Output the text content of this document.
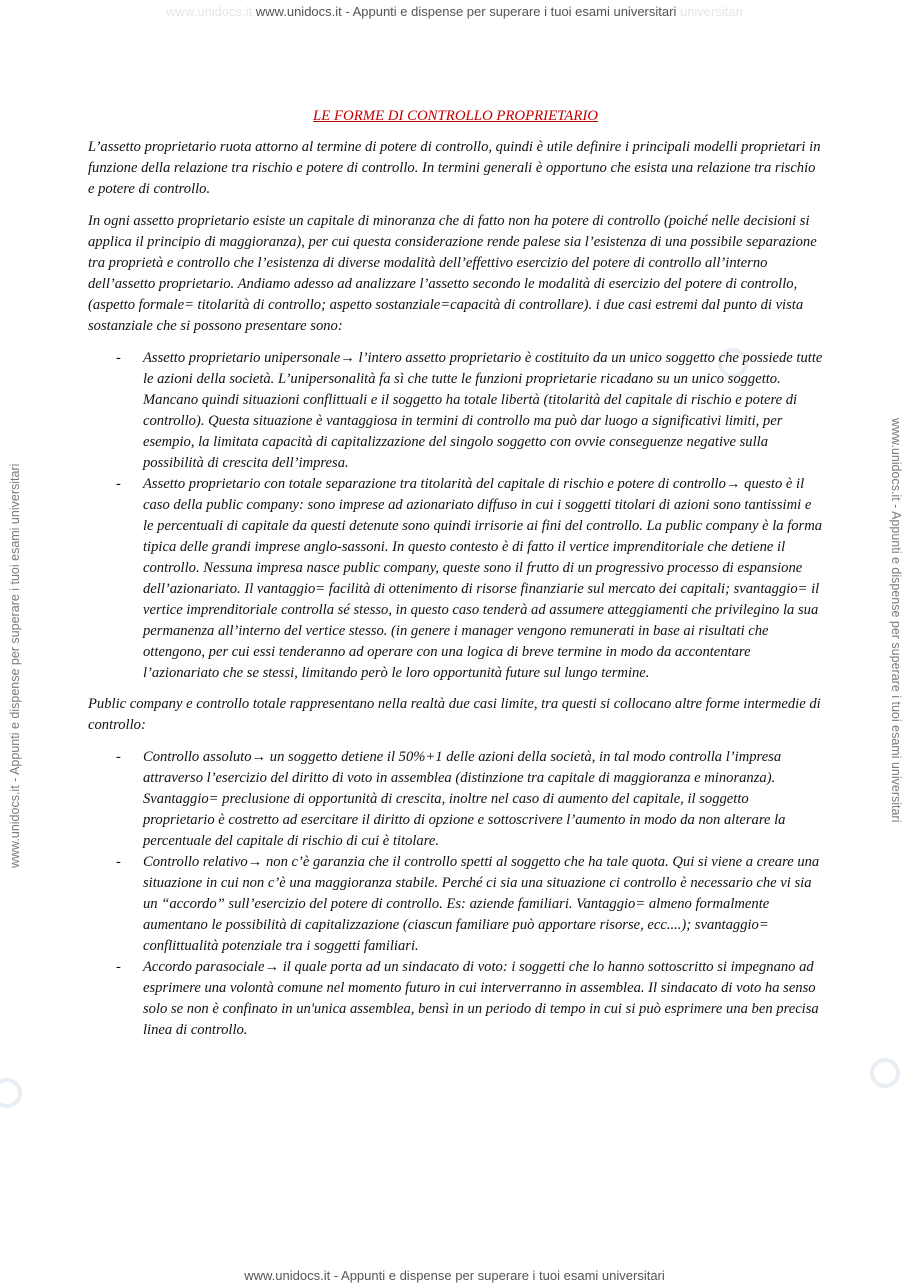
www.unidocs.it www.unidocs.it - Appunti e dispense per superare i tuoi esami universitari universitari
www.unidocs.it - Appunti e dispense per superare i tuoi esami universitari
www.unidocs.it - Appunti e dispense per superare i tuoi esami universitari	www.unidocs.it - Appunti e dispense per superare i tuoi esami universitari
LE FORME DI CONTROLLO PROPRIETARIO

L’assetto proprietario ruota attorno al termine di potere di controllo, quindi è utile definire i principali modelli proprietari in funzione della relazione tra rischio e potere di controllo. In termini generali è opportuno che esista una relazione tra rischio e potere di controllo.

In ogni assetto proprietario esiste un capitale di minoranza che di fatto non ha potere di controllo (poiché nelle decisioni si applica il principio di maggioranza), per cui questa considerazione rende palese sia l’esistenza di una possibile separazione tra proprietà e controllo che l’esistenza di diverse modalità dell’effettivo esercizio del potere di controllo all’interno dell’assetto proprietario. Andiamo adesso ad analizzare l’assetto secondo le modalità di esercizio del potere di controllo, (aspetto formale= titolarità di controllo; aspetto sostanziale=capacità di controllare). i due casi estremi dal punto di vista sostanziale che si possono presentare sono:

- Assetto proprietario unipersonale→ l’intero assetto proprietario è costituito da un unico soggetto che possiede tutte le azioni della società. L’unipersonalità fa sì che tutte le funzioni proprietarie ricadano su un unico soggetto. Mancano quindi situazioni conflittuali e il soggetto ha totale libertà (titolarità del capitale di rischio e potere di controllo). Questa situazione è vantaggiosa in termini di controllo ma può dar luogo a significativi limiti, per esempio, la limitata capacità di capitalizzazione del singolo soggetto con ovvie conseguenze negative sulla possibilità di crescita dell’impresa.
- Assetto proprietario con totale separazione tra titolarità del capitale di rischio e potere di controllo→ questo è il caso della public company: sono imprese ad azionariato diffuso in cui i soggetti titolari di azioni sono tantissimi e le percentuali di capitale da questi detenute sono quindi irrisorie ai fini del controllo. La public company è la forma tipica delle grandi imprese anglo-sassoni. In questo contesto è di fatto il vertice imprenditoriale che detiene il controllo. Nessuna impresa nasce public company, queste sono il frutto di un progressivo processo di espansione dell’azionariato. Il vantaggio= facilità di ottenimento di risorse finanziarie sul mercato dei capitali; svantaggio= il vertice imprenditoriale controlla sé stesso, in questo caso tenderà ad assumere atteggiamenti che privilegino la sua permanenza all’interno del vertice stesso. (in genere i manager vengono remunerati in base ai risultati che ottengono, per cui essi tenderanno ad operare con una logica di breve termine in modo da accontentare l’azionariato che se stessi, limitando però le loro opportunità future sul lungo termine.

Public company e controllo totale rappresentano nella realtà due casi limite, tra questi si collocano altre forme intermedie di controllo:

- Controllo assoluto→ un soggetto detiene il 50%+1 delle azioni della società, in tal modo controlla l’impresa attraverso l’esercizio del diritto di voto in assemblea (distinzione tra capitale di maggioranza e minoranza). Svantaggio= preclusione di opportunità di crescita, inoltre nel caso di aumento del capitale, il soggetto proprietario è costretto ad esercitare il diritto di opzione e sottoscrivere l’aumento in modo da non alterare la percentuale del capitale di rischio di cui è titolare.
- Controllo relativo→ non c’è garanzia che il controllo spetti al soggetto che ha tale quota. Qui si viene a creare una situazione in cui non c’è una maggioranza stabile. Perché ci sia una situazione ci controllo è necessario che vi sia un “accordo” sull’esercizio del potere di controllo. Es: aziende familiari. Vantaggio= almeno formalmente aumentano le possibilità di capitalizzazione (ciascun familiare può apportare risorse, ecc....); svantaggio= conflittualità potenziale tra i soggetti familiari.
- Accordo parasociale→ il quale porta ad un sindacato di voto: i soggetti che lo hanno sottoscritto si impegnano ad esprimere una volontà comune nel momento futuro in cui interverranno in assemblea. Il sindacato di voto ha senso solo se non è confinato in un'unica assemblea, bensì in un periodo di tempo in cui si può esprimere una ben precisa linea di controllo.
